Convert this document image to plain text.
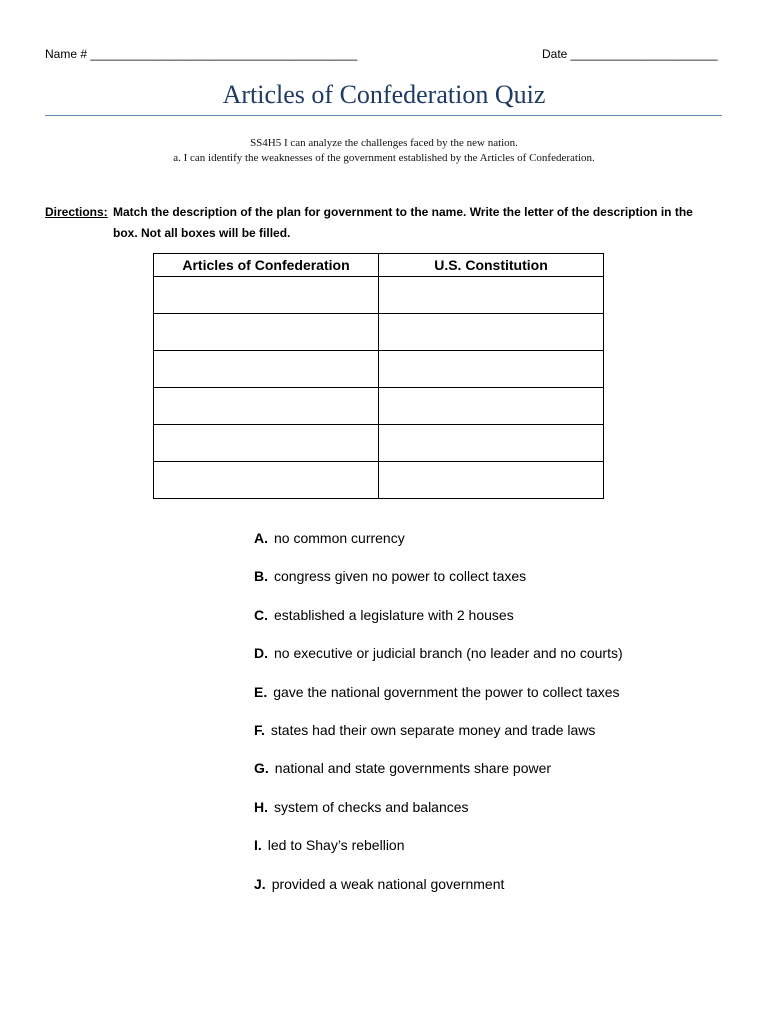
Name # ________________________________________	Date ______________________
Articles of Confederation Quiz
SS4H5 I can analyze the challenges faced by the new nation.
a. I can identify the weaknesses of the government established by the Articles of Confederation.
Directions: Match the description of the plan for government to the name. Write the letter of the description in the box. Not all boxes will be filled.
Articles of Confederation	U.S. Constitution

A. no common currency
B. congress given no power to collect taxes
C. established a legislature with 2 houses
D. no executive or judicial branch (no leader and no courts)
E. gave the national government the power to collect taxes
F. states had their own separate money and trade laws
G. national and state governments share power
H. system of checks and balances
I. led to Shay’s rebellion
J. provided a weak national government
